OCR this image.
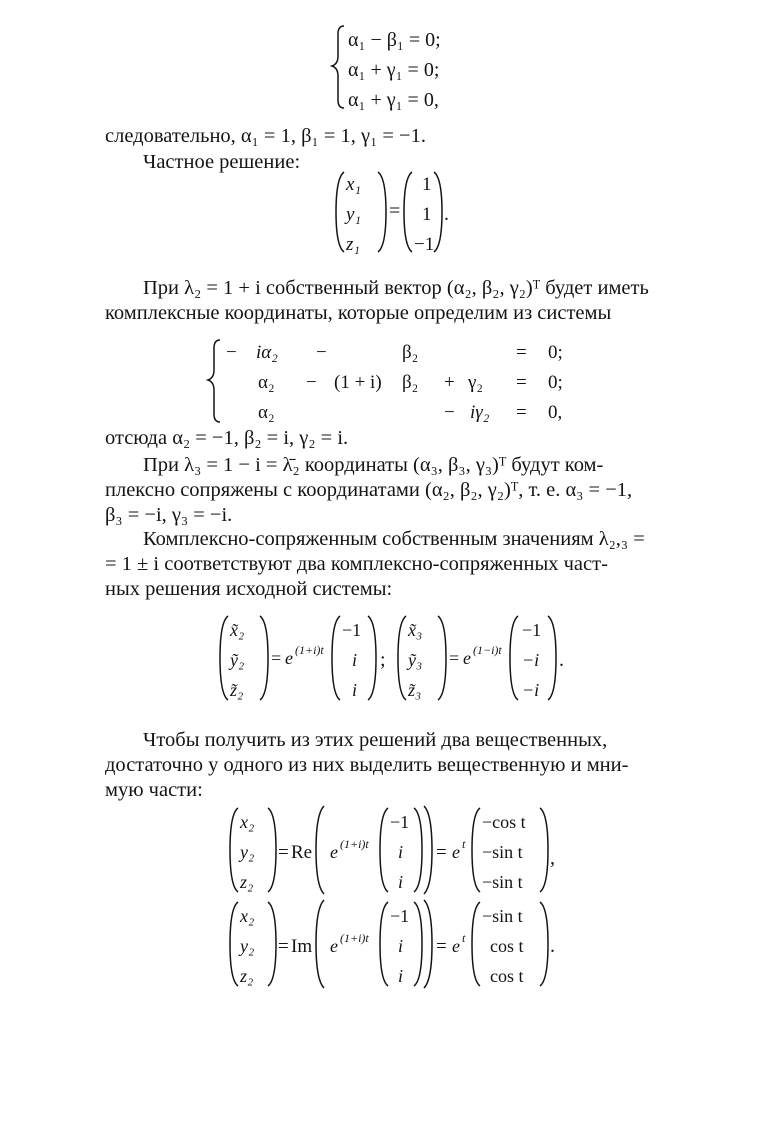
α₁ − β₁ = 0;
α₁ + γ₁ = 0;
α₁ + γ₁ = 0,

следовательно, α₁ = 1, β₁ = 1, γ₁ = −1.

Частное решение:

x₁
y₁
z₁
=
1
1
−1
.

При λ₂ = 1 + i собственный вектор (α₂, β₂, γ₂)ᵀ будет иметь
комплексные координаты, которые определим из системы

− iα₂ −	β₂	= 0;
α₂ − (1 + i) β₂ + γ₂ = 0;
α₂	− iγ₂ = 0,

отсюда α₂ = −1, β₂ = i, γ₂ = i.

При λ₃ = 1 − i = λ̄₂ координаты (α₃, β₃, γ₃)ᵀ будут ком-
плексно сопряжены с координатами (α₂, β₂, γ₂)ᵀ, т. е. α₃ = −1,
β₃ = −i, γ₃ = −i.

Комплексно-сопряженным собственным значениям λ₂,₃ =
= 1 ± i соответствуют два комплексно-сопряженных част-
ных решения исходной системы:

x̃₂
ỹ₂
z̃₂
= e (1+i)t
−1
i
i
;
x̃₃
ỹ₃
z̃₃
= e (1−i)t
−1
−i
−i
.

Чтобы получить из этих решений два вещественных,
достаточно у одного из них выделить вещественную и мни-
мую части:

x₂
y₂
z₂
= Re e (1+i)t
−1
i
i
= e t
−cos t
−sin t
−sin t
,
x₂
y₂
z₂
= Im e (1+i)t
−1
i
i
= e t
−sin t
cos t
cos t
.
